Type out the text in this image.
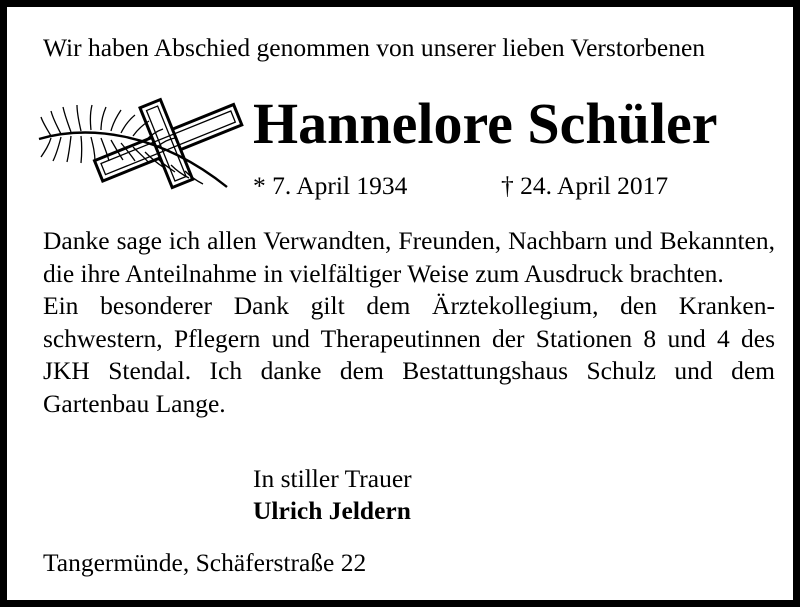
Wir haben Abschied genommen von unserer lieben Verstorbenen
Hannelore Schüler
* 7. April 1934	† 24. April 2017

Danke sage ich allen Verwandten, Freunden, Nachbarn und Bekannten, die ihre Anteilnahme in vielfältiger Weise zum Ausdruck brachten.

Ein besonderer Dank gilt dem Ärztekollegium, den Krankenschwestern, Pflegern und Therapeutinnen der Stationen 8 und 4 des JKH Stendal. Ich danke dem Bestattungshaus Schulz und dem Gartenbau Lange.

In stiller Trauer
Ulrich Jeldern
Tangermünde, Schäferstraße 22
